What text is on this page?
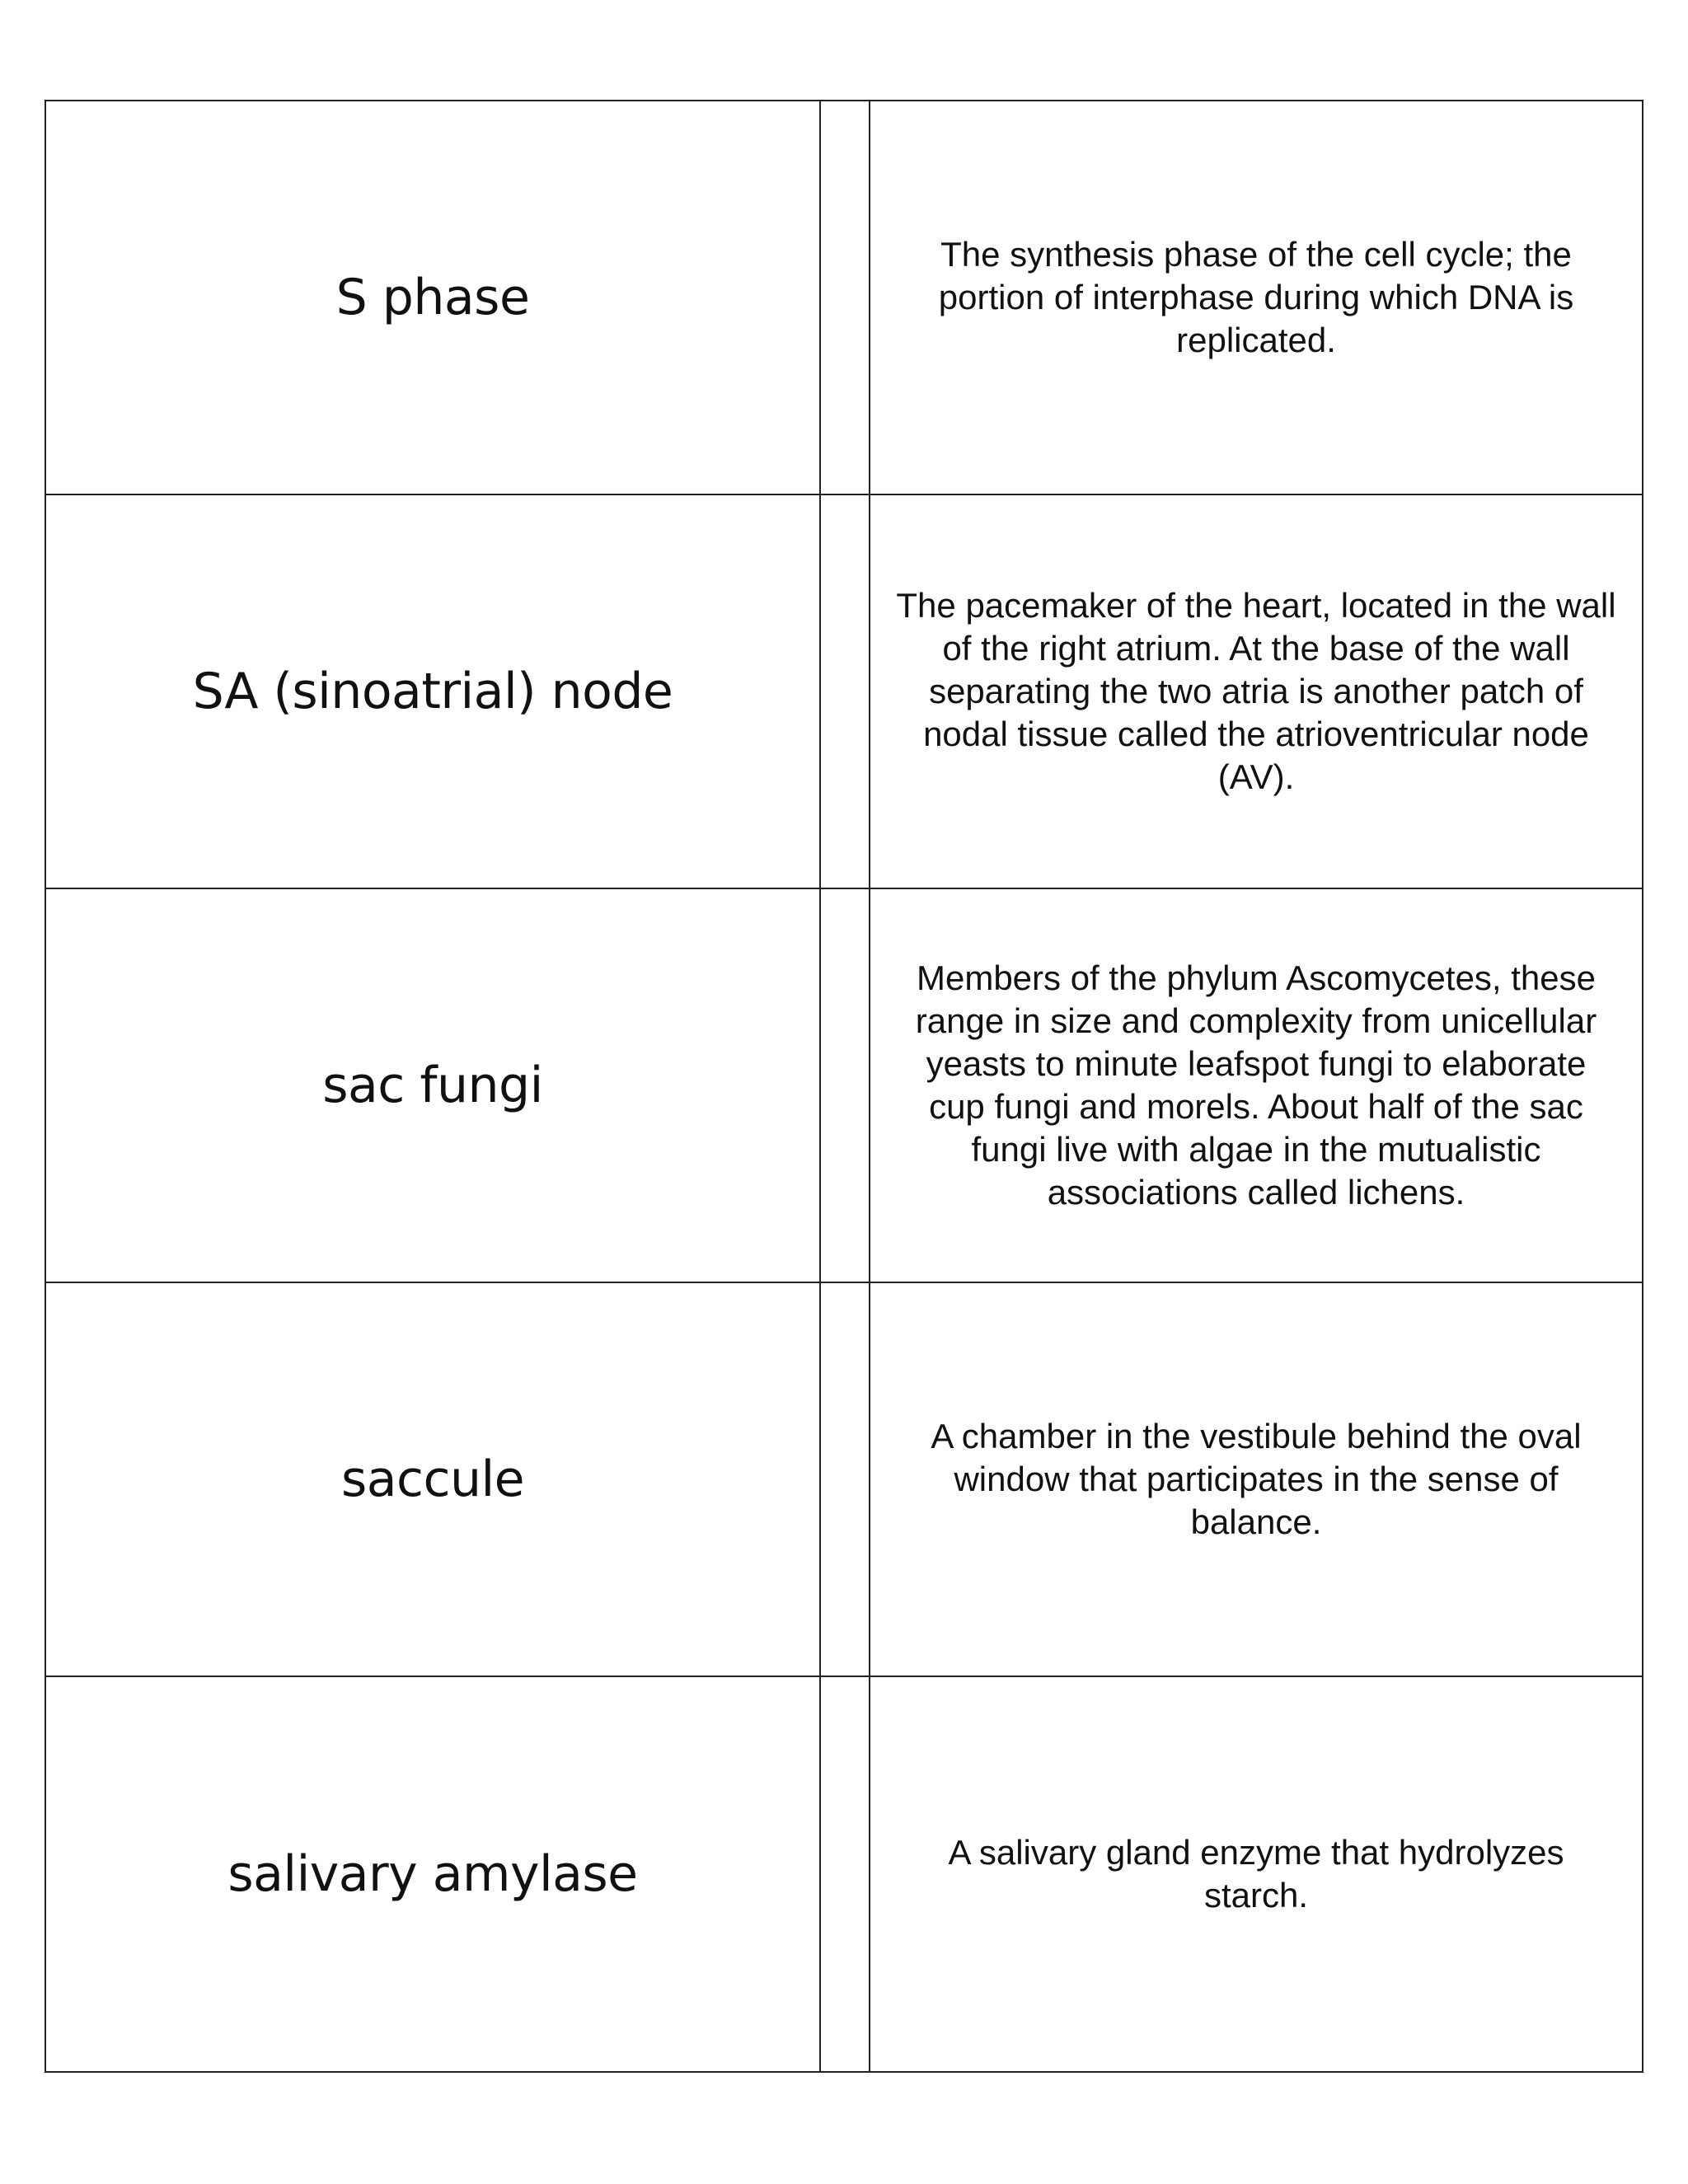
S phase
The synthesis phase of the cell cycle; the portion of interphase during which DNA is replicated.
SA (sinoatrial) node
The pacemaker of the heart, located in the wall of the right atrium. At the base of the wall separating the two atria is another patch of nodal tissue called the atrioventricular node (AV).
sac fungi
Members of the phylum Ascomycetes, these range in size and complexity from unicellular yeasts to minute leafspot fungi to elaborate cup fungi and morels. About half of the sac fungi live with algae in the mutualistic associations called lichens.
saccule
A chamber in the vestibule behind the oval window that participates in the sense of balance.
salivary amylase	A salivary gland enzyme that hydrolyzes starch.
